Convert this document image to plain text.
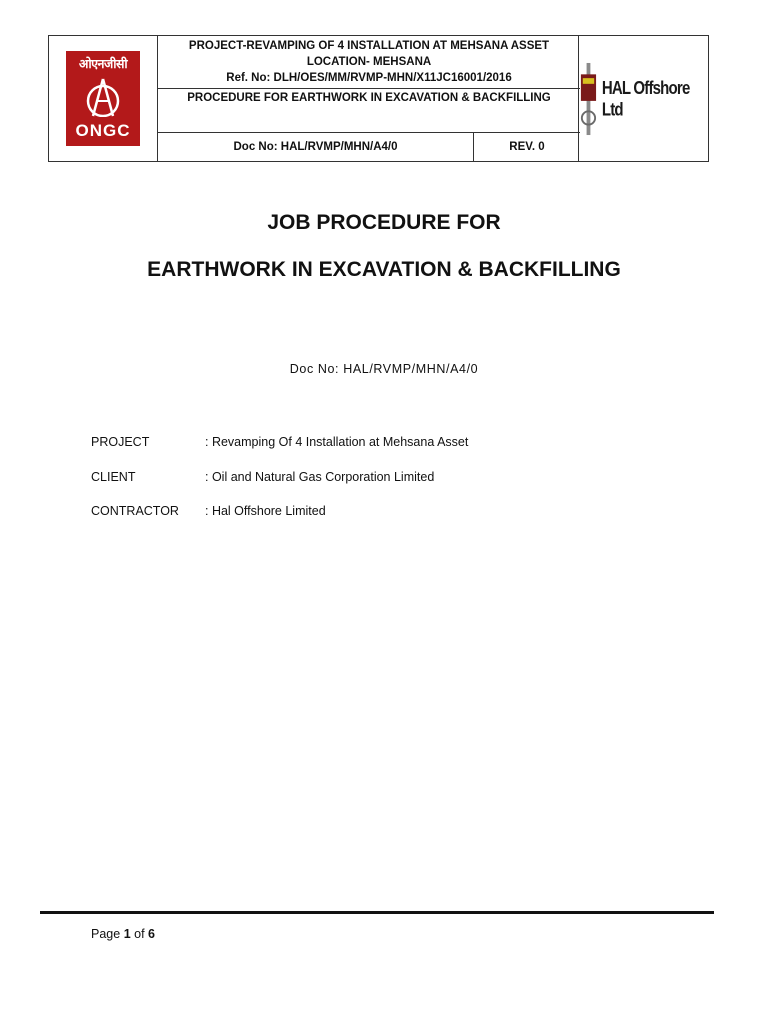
ओएनजीसी
ONGC
PROJECT-REVAMPING OF 4 INSTALLATION AT MEHSANA ASSET
LOCATION- MEHSANA
Ref. No: DLH/OES/MM/RVMP-MHN/X11JC16001/2016
PROCEDURE FOR EARTHWORK IN EXCAVATION & BACKFILLING
Doc No: HAL/RVMP/MHN/A4/0	REV. 0
HAL Offshore Ltd
JOB PROCEDURE FOR
EARTHWORK IN EXCAVATION & BACKFILLING
Doc No: HAL/RVMP/MHN/A4/0
PROJECT	: Revamping Of 4 Installation at Mehsana Asset
CLIENT	: Oil and Natural Gas Corporation Limited
CONTRACTOR	: Hal Offshore Limited
Page 1 of 6
